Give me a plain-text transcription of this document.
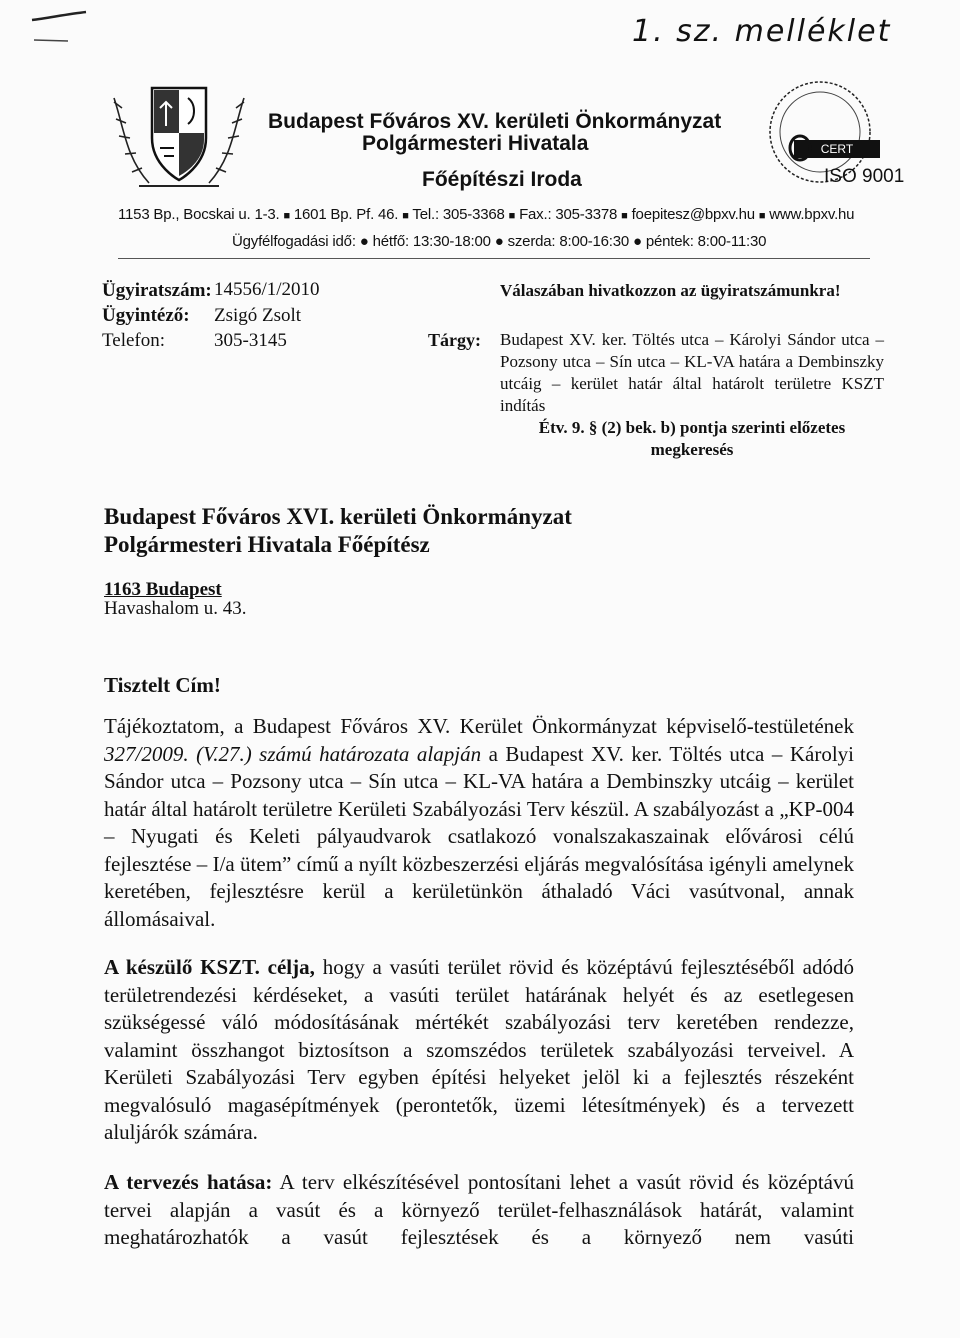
1. sz. melléklet
CERT
ISO 9001
Budapest Főváros XV. kerületi Önkormányzat
Polgármesteri Hivatala
Főépítészi Iroda
1153 Bp., Bocskai u. 1-3. ■ 1601 Bp. Pf. 46. ■ Tel.: 305-3368 ■ Fax.: 305-3378 ■ foepitesz@bpxv.hu ■ www.bpxv.hu
Ügyfélfogadási idő: ● hétfő: 13:30-18:00 ● szerda: 8:00-16:30 ● péntek: 8:00-11:30
Ügyiratszám: 14556/1/2010
Ügyintéző: Zsigó Zsolt
Telefon:	305-3145	Tárgy:
Válaszában hivatkozzon az ügyiratszámunkra!
Budapest XV. ker. Töltés utca – Károlyi Sándor utca – Pozsony utca – Sín utca – KL-VA határa a Dembinszky utcáig – kerület határ által határolt területre KSZT indítás
Étv. 9. § (2) bek. b) pontja szerinti előzetes megkeresés
Budapest Főváros XVI. kerületi Önkormányzat
Polgármesteri Hivatala Főépítész
1163 Budapest
Havashalom u. 43.
Tisztelt Cím!
Tájékoztatom, a Budapest Főváros XV. Kerület Önkormányzat képviselő-testületének 327/2009. (V.27.) számú határozata alapján a Budapest XV. ker. Töltés utca – Károlyi Sándor utca – Pozsony utca – Sín utca – KL-VA határa a Dembinszky utcáig – kerület határ által határolt területre Kerületi Szabályozási Terv készül. A szabályozást a „KP-004 – Nyugati és Keleti pályaudvarok csatlakozó vonalszakaszainak elővárosi célú fejlesztése – I/a ütem” című a nyílt közbeszerzési eljárás megvalósítása igényli amelynek keretében, fejlesztésre kerül a kerületünkön áthaladó Váci vasútvonal, annak állomásaival.
A készülő KSZT. célja, hogy a vasúti terület rövid és középtávú fejlesztéséből adódó területrendezési kérdéseket, a vasúti terület határának helyét és az esetlegesen szükségessé váló módosításának mértékét szabályozási terv keretében rendezze, valamint összhangot biztosítson a szomszédos területek szabályozási terveivel. A Kerületi Szabályozási Terv egyben építési helyeket jelöl ki a fejlesztés részeként megvalósuló magasépítmények (perontetők, üzemi létesítmények) és a tervezett aluljárók számára.
A tervezés hatása: A terv elkészítésével pontosítani lehet a vasút rövid és középtávú tervei alapján a vasút és a környező terület-felhasználások határát, valamint meghatározhatók a vasút fejlesztések és a környező nem vasúti
